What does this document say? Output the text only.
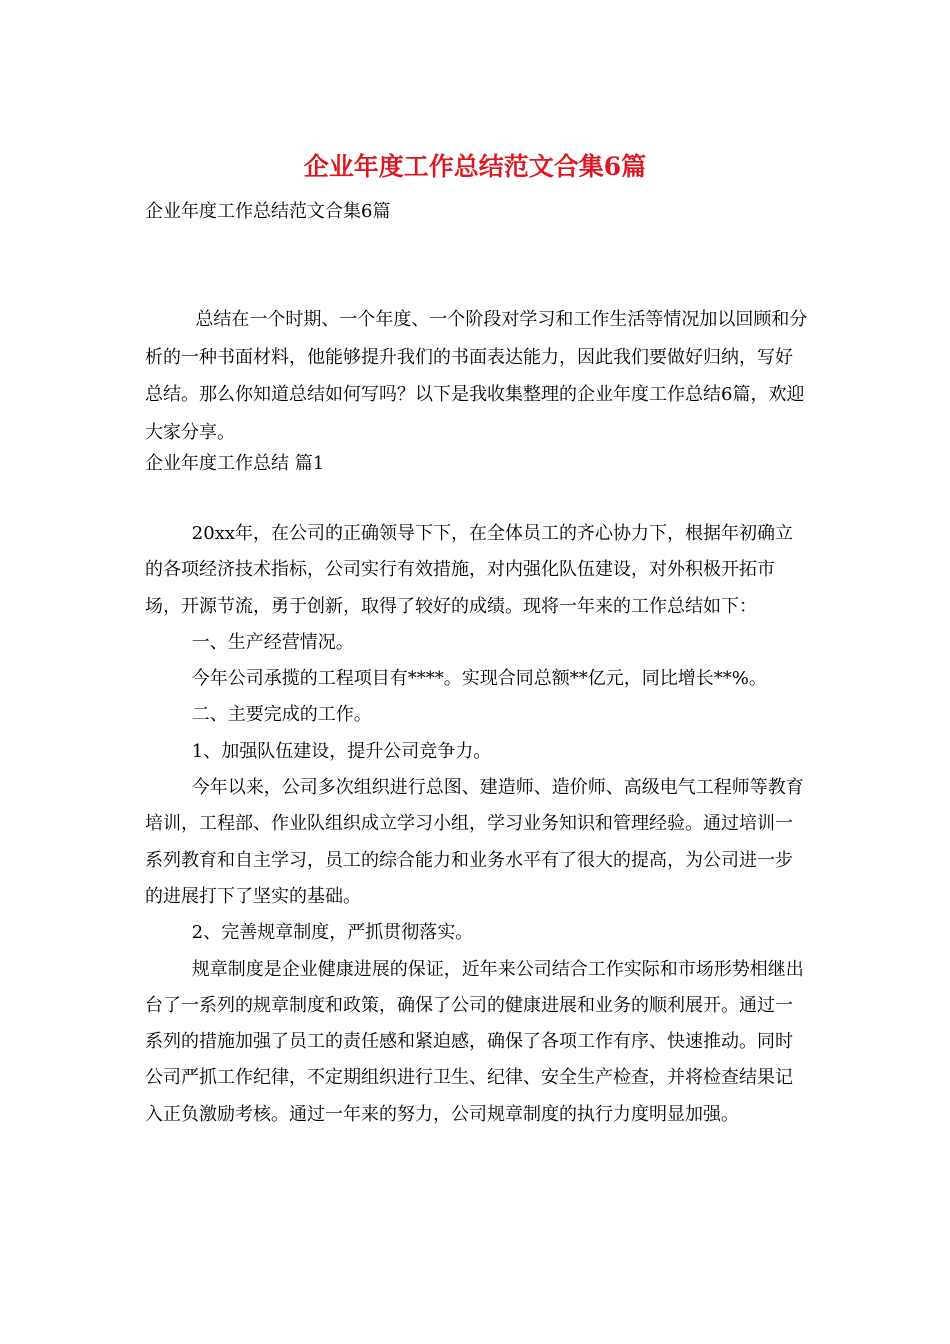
企业年度工作总结范文合集6篇

企业年度工作总结范文合集6篇

总结在一个时期、一个年度、一个阶段对学习和工作生活等情况加以回顾和分析的一种书面材料，他能够提升我们的书面表达能力，因此我们要做好归纳，写好总结。那么你知道总结如何写吗？以下是我收集整理的企业年度工作总结6篇，欢迎大家分享。

企业年度工作总结 篇1

20xx年，在公司的正确领导下下，在全体员工的齐心协力下，根据年初确立的各项经济技术指标，公司实行有效措施，对内强化队伍建设，对外积极开拓市场，开源节流，勇于创新，取得了较好的成绩。现将一年来的工作总结如下：

一、生产经营情况。

今年公司承揽的工程项目有****。实现合同总额**亿元，同比增长**%。

二、主要完成的工作。

1、加强队伍建设，提升公司竞争力。

今年以来，公司多次组织进行总图、建造师、造价师、高级电气工程师等教育培训，工程部、作业队组织成立学习小组，学习业务知识和管理经验。通过培训一系列教育和自主学习，员工的综合能力和业务水平有了很大的提高，为公司进一步的进展打下了坚实的基础。

2、完善规章制度，严抓贯彻落实。

规章制度是企业健康进展的保证，近年来公司结合工作实际和市场形势相继出台了一系列的规章制度和政策，确保了公司的健康进展和业务的顺利展开。通过一系列的措施加强了员工的责任感和紧迫感，确保了各项工作有序、快速推动。同时公司严抓工作纪律，不定期组织进行卫生、纪律、安全生产检查，并将检查结果记入正负激励考核。通过一年来的努力，公司规章制度的执行力度明显加强。
